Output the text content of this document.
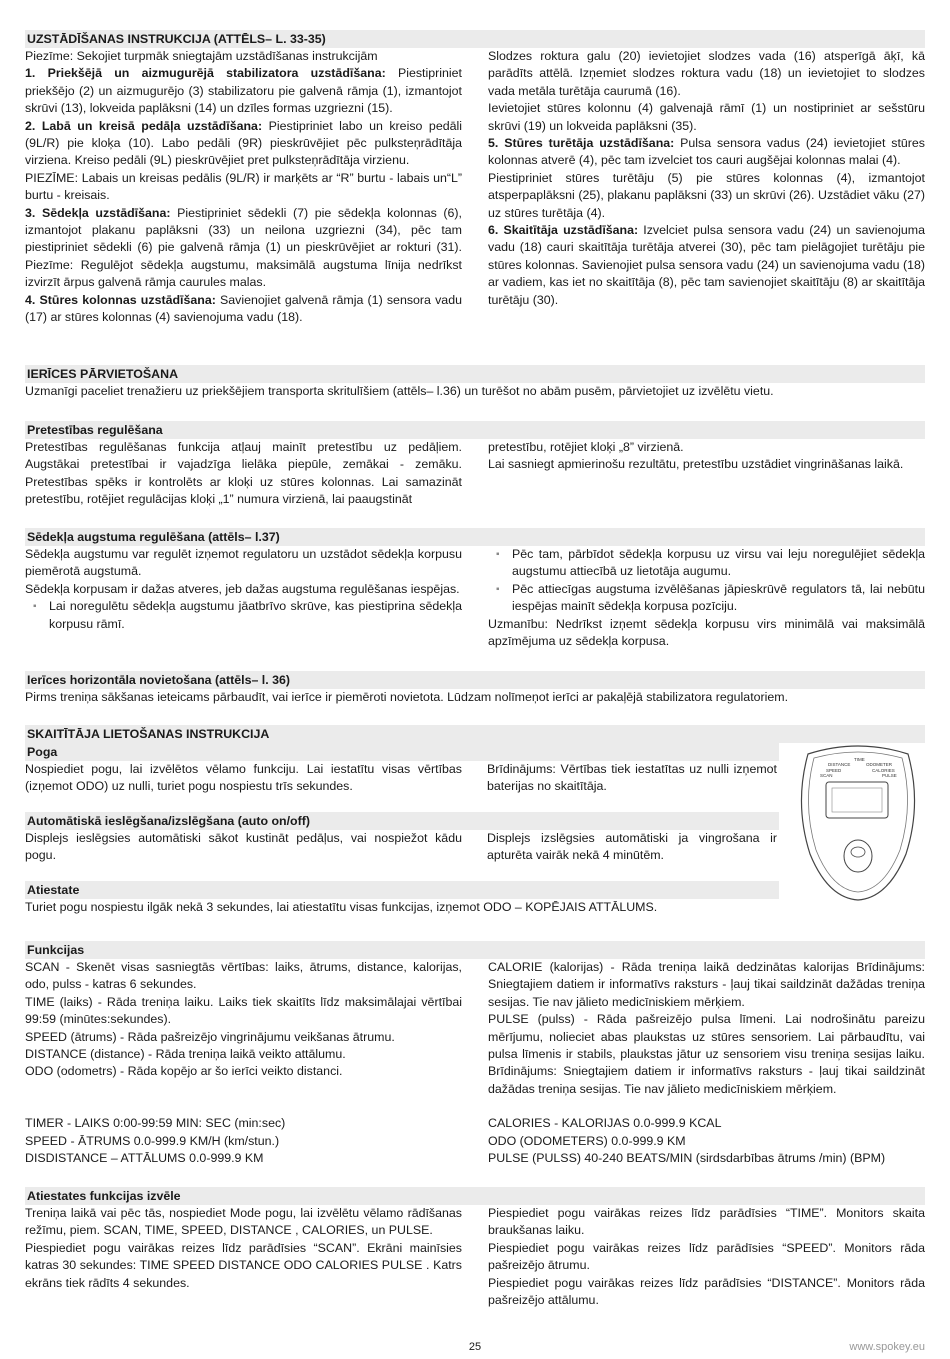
UZSTĀDĪŠANAS INSTRUKCIJA (ATTĒLS– L. 33-35)

Piezīme: Sekojiet turpmāk sniegtajām uzstādīšanas instrukcijām

1. Priekšējā un aizmugurējā stabilizatora uzstādīšana: Piestipriniet priekšējo (2) un aizmugurējo (3) stabilizatoru pie galvenā rāmja (1), izmantojot skrūvi (13), lokveida paplāksni (14) un dzīles formas uzgriezni (15).

2. Labā un kreisā pedāļa uzstādīšana: Piestipriniet labo un kreiso pedāli (9L/R) pie kloķa (10). Labo pedāli (9R) pieskrūvējiet pēc pulksteņrādītāja virziena. Kreiso pedāli (9L) pieskrūvējiet pret pulksteņrādītāja virzienu.

PIEZĪME: Labais un kreisas pedālis (9L/R) ir marķēts ar “R” burtu - labais un“L” burtu - kreisais.

3. Sēdekļa uzstādīšana: Piestipriniet sēdekli (7) pie sēdekļa kolonnas (6), izmantojot plakanu paplāksni (33) un neilona uzgriezni (34), pēc tam piestipriniet sēdekli (6) pie galvenā rāmja (1) un pieskrūvējiet ar rokturi (31). Piezīme: Regulējot sēdekļa augstumu, maksimālā augstuma līnija nedrīkst izvirzīt ārpus galvenā rāmja caurules malas.

4. Stūres kolonnas uzstādīšana: Savienojiet galvenā rāmja (1) sensora vadu (17) ar stūres kolonnas (4) savienojuma vadu (18).

Slodzes roktura galu (20) ievietojiet slodzes vada (16) atsperīgā āķī, kā parādīts attēlā. Izņemiet slodzes roktura vadu (18) un ievietojiet to slodzes vada metāla turētāja caurumā (16).

Ievietojiet stūres kolonnu (4) galvenajā rāmī (1) un nostipriniet ar sešstūru skrūvi (19) un lokveida paplāksni (35).

5. Stūres turētāja uzstādīšana: Pulsa sensora vadus (24) ievietojiet stūres kolonnas atverē (4), pēc tam izvelciet tos cauri augšējai kolonnas malai (4).

Piestipriniet stūres turētāju (5) pie stūres kolonnas (4), izmantojot atsperpaplāksni (25), plakanu paplāksni (33) un skrūvi (26). Uzstādiet vāku (27) uz stūres turētāja (4).

6. Skaitītāja uzstādīšana: Izvelciet pulsa sensora vadu (24) un savienojuma vadu (18) cauri skaitītāja turētāja atverei (30), pēc tam pielāgojiet turētāju pie stūres kolonnas. Savienojiet pulsa sensora vadu (24) un savienojuma vadu (18) ar vadiem, kas iet no skaitītāja (8), pēc tam savienojiet skaitītāju (8) ar skaitītāja turētāju (30).

IERĪCES PĀRVIETOŠANA

Uzmanīgi paceliet trenažieru uz priekšējiem transporta skritulīšiem (attēls– l.36) un turēšot no abām pusēm, pārvietojiet uz izvēlētu vietu.

Pretestības regulēšana

Pretestības regulēšanas funkcija atļauj mainīt pretestību uz pedāļiem. Augstākai pretestībai ir vajadzīga lielāka piepūle, zemākai - zemāku. Pretestības spēks ir kontrolēts ar kloķi uz stūres kolonnas. Lai samazināt pretestību, rotējiet regulācijas kloķi „1” numura virzienā, lai paaugstināt

pretestību, rotējiet kloķi „8” virzienā.

Lai sasniegt apmierinošu rezultātu, pretestību uzstādiet vingrināšanas laikā.

Sēdekļa augstuma regulēšana (attēls– l.37)

Sēdekļa augstumu var regulēt izņemot regulatoru un uzstādot sēdekļa korpusu piemērotā augstumā.

Sēdekļa korpusam ir dažas atveres, jeb dažas augstuma regulēšanas iespējas.

▪ Lai noregulētu sēdekļa augstumu jāatbrīvo skrūve, kas piestiprina sēdekļa korpusu rāmī.
▪ Pēc tam, pārbīdot sēdekļa korpusu uz virsu vai leju noregulējiet sēdekļa augstumu attiecībā uz lietotāja augumu.
▪ Pēc attiecīgas augstuma izvēlēšanas jāpieskrūvē regulators tā, lai nebūtu iespējas mainīt sēdekļa korpusa pozīciju.

Uzmanību: Nedrīkst izņemt sēdekļa korpusu virs minimālā vai maksimālā apzīmējuma uz sēdekļa korpusa.

Ierīces horizontāla novietošana (attēls– l. 36)

Pirms treniņa sākšanas ieteicams pārbaudīt, vai ierīce ir piemēroti novietota. Lūdzam nolīmeņot ierīci ar pakaļējā stabilizatora regulatoriem.

SKAITĪTĀJA LIETOŠANAS INSTRUKCIJA
Poga

Nospiediet pogu, lai izvēlētos vēlamo funkciju. Lai iestatītu visas vērtības (izņemot ODO) uz nulli, turiet pogu nospiestu trīs sekundes.

Brīdinājums: Vērtības tiek iestatītas uz nulli izņemot baterijas no skaitītāja.

Automātiskā ieslēgšana/izslēgšana (auto on/off)

Displejs ieslēgsies automātiski sākot kustināt pedāļus, vai nospiežot kādu pogu.

Displejs izslēgsies automātiski ja vingrošana ir apturēta vairāk nekā 4 minūtēm.

Atiestate

Turiet pogu nospiestu ilgāk nekā 3 sekundes, lai atiestatītu visas funkcijas, izņemot ODO – KOPĒJAIS ATTĀLUMS.

TIME
DISTANCE	ODOMETER
SPEED	CALORIES
SCAN	PULSE
Funkcijas

SCAN - Skenēt visas sasniegtās vērtības: laiks, ātrums, distance, kalorijas, odo, pulss - katras 6 sekundes.

TIME (laiks) - Rāda treniņa laiku. Laiks tiek skaitīts līdz maksimālajai vērtībai 99:59 (minūtes:sekundes).

SPEED (ātrums) - Rāda pašreizējo vingrinājumu veikšanas ātrumu.

DISTANCE (distance) - Rāda treniņa laikā veikto attālumu.

ODO (odometrs) - Rāda kopējo ar šo ierīci veikto distanci.

CALORIE (kalorijas) - Rāda treniņa laikā dedzinātas kalorijas Brīdinājums: Sniegtajiem datiem ir informatīvs raksturs - ļauj tikai saildzināt dažādas treniņa sesijas. Tie nav jālieto medicīniskiem mērķiem.

PULSE (pulss) - Rāda pašreizējo pulsa līmeni. Lai nodrošinātu pareizu mērījumu, nolieciet abas plaukstas uz stūres sensoriem. Lai pārbaudītu, vai pulsa līmenis ir stabils, plaukstas jātur uz sensoriem visu treniņa sesijas laiku. Brīdinājums: Sniegtajiem datiem ir informatīvs raksturs - ļauj tikai saildzināt dažādas treniņa sesijas. Tie nav jālieto medicīniskiem mērķiem.

TIMER - LAIKS 0:00-99:59 MIN: SEC (min:sec)

SPEED - ĀTRUMS 0.0-999.9 KM/H (km/stun.)

DISDISTANCE – ATTĀLUMS 0.0-999.9 KM

CALORIES - KALORIJAS 0.0-999.9 KCAL

ODO (ODOMETERS) 0.0-999.9 KM

PULSE (PULSS) 40-240 BEATS/MIN (sirdsdarbības ātrums /min) (BPM)

Atiestates funkcijas izvēle

Treniņa laikā vai pēc tās, nospiediet Mode pogu, lai izvēlētu vēlamo rādīšanas režīmu, piem. SCAN, TIME, SPEED, DISTANCE , CALORIES, un PULSE.

Piespiediet pogu vairākas reizes līdz parādīsies “SCAN”. Ekrāni mainīsies katras 30 sekundes: TIME SPEED DISTANCE ODO CALORIES PULSE . Katrs ekrāns tiek rādīts 4 sekundes.

Piespiediet pogu vairākas reizes līdz parādīsies “TIME”. Monitors skaita braukšanas laiku.

Piespiediet pogu vairākas reizes līdz parādīsies “SPEED”. Monitors rāda pašreizējo ātrumu.

Piespiediet pogu vairākas reizes līdz parādīsies “DISTANCE”. Monitors rāda pašreizējo attālumu.

25	www.spokey.eu
